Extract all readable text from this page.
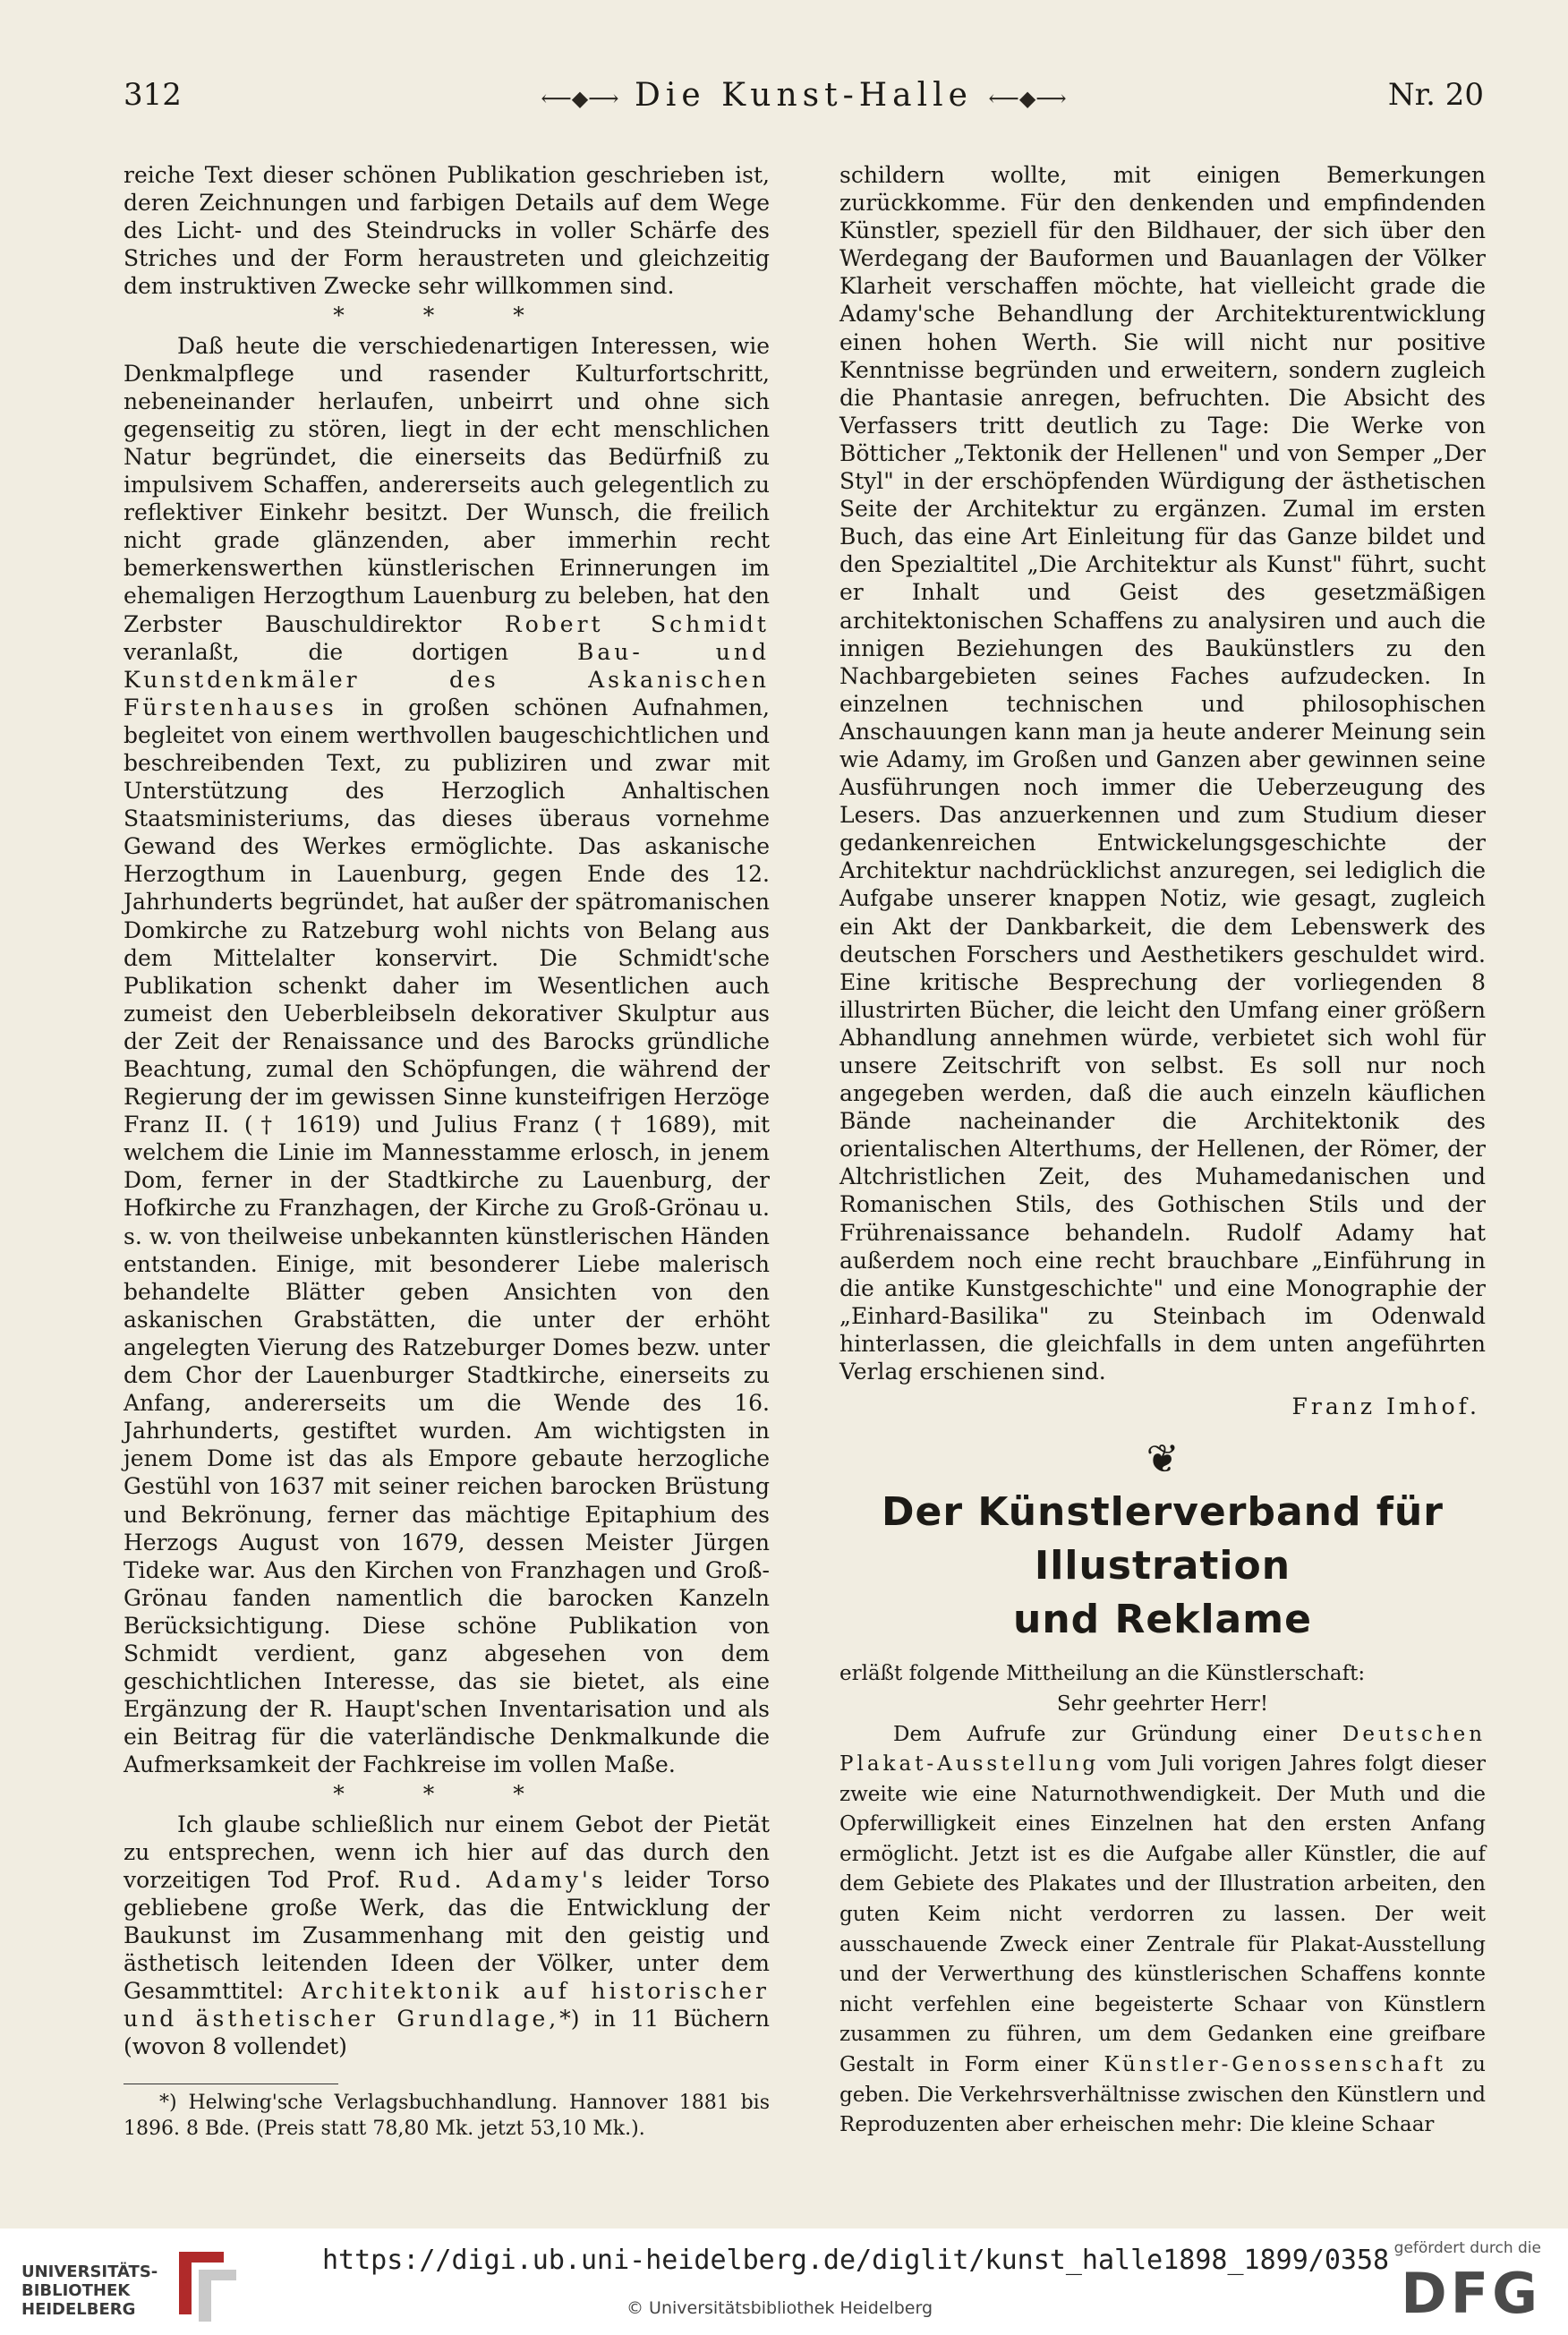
312	⟵◆⟶ Die Kunst-Halle ⟵◆⟶	Nr. 20

reiche Text dieser schönen Publikation geschrieben ist, deren Zeichnungen und farbigen Details auf dem Wege des Licht- und des Steindrucks in voller Schärfe des Striches und der Form heraustreten und gleichzeitig dem instruktiven Zwecke sehr willkommen sind.

* * *

Daß heute die verschiedenartigen Interessen, wie Denkmalpflege und rasender Kulturfortschritt, nebeneinander herlaufen, unbeirrt und ohne sich gegenseitig zu stören, liegt in der echt menschlichen Natur begründet, die einerseits das Bedürfniß zu impulsivem Schaffen, andererseits auch gelegentlich zu reflektiver Einkehr besitzt. Der Wunsch, die freilich nicht grade glänzenden, aber immerhin recht bemerkenswerthen künstlerischen Erinnerungen im ehemaligen Herzogthum Lauenburg zu beleben, hat den Zerbster Bauschuldirektor Robert Schmidt veranlaßt, die dortigen	Bau- und Kunstdenkmäler des Askanischen Fürstenhauses in großen schönen Aufnahmen, begleitet von einem werthvollen baugeschichtlichen und beschreibenden Text, zu publiziren und zwar mit Unterstützung des Herzoglich Anhaltischen Staatsministeriums, das dieses überaus vornehme Gewand des Werkes ermöglichte. Das askanische Herzogthum in Lauenburg, gegen Ende des 12. Jahrhunderts begründet, hat außer der spätromanischen Domkirche zu Ratzeburg wohl nichts von Belang aus dem Mittelalter konservirt. Die Schmidt'sche Publikation schenkt daher im Wesentlichen auch zumeist den Ueberbleibseln dekorativer Skulptur aus der Zeit der Renaissance und des Barocks gründliche Beachtung, zumal den Schöpfungen, die während der Regierung der im gewissen Sinne kunsteifrigen Herzöge Franz II. († 1619) und Julius Franz († 1689), mit welchem die Linie im Mannesstamme erlosch, in jenem Dom, ferner in der Stadtkirche zu Lauenburg, der Hofkirche zu Franzhagen, der Kirche zu Groß-Grönau u. s. w. von theilweise unbekannten künstlerischen Händen entstanden. Einige, mit besonderer Liebe malerisch behandelte Blätter geben Ansichten von den askanischen Grabstätten, die unter der erhöht angelegten Vierung des Ratzeburger Domes bezw. unter dem Chor der Lauenburger Stadtkirche, einerseits zu Anfang, andererseits um die Wende des 16. Jahrhunderts, gestiftet wurden. Am wichtigsten in jenem Dome ist das als Empore gebaute herzogliche Gestühl von 1637 mit seiner reichen barocken Brüstung und Bekrönung, ferner das mächtige Epitaphium des Herzogs August von 1679, dessen Meister Jürgen Tideke war. Aus den Kirchen von Franzhagen und Groß-Grönau fanden namentlich die barocken Kanzeln Berücksichtigung. Diese schöne Publikation von Schmidt verdient, ganz abgesehen von dem geschichtlichen Interesse, das sie bietet, als eine Ergänzung der R. Haupt'schen Inventarisation und als ein Beitrag für die vaterländische Denkmalkunde die Aufmerksamkeit der Fachkreise im vollen Maße.

* * *

Ich glaube schließlich nur einem Gebot der Pietät zu entsprechen, wenn ich hier auf das durch den vorzeitigen Tod Prof. Rud. Adamy's leider Torso gebliebene große Werk, das die Entwicklung der Baukunst im Zusammenhang mit den geistig und ästhetisch leitenden Ideen der Völker, unter dem Gesammttitel: Architektonik auf historischer und ästhetischer Grundlage,*) in 11 Büchern (wovon 8 vollendet)

*) Helwing'sche Verlagsbuchhandlung. Hannover 1881 bis 1896. 8 Bde. (Preis statt 78,80 Mk. jetzt 53,10 Mk.).

schildern wollte, mit einigen Bemerkungen zurückkomme. Für den denkenden und empfindenden Künstler, speziell für den Bildhauer, der sich über den Werdegang der Bauformen und Bauanlagen der Völker Klarheit verschaffen möchte, hat vielleicht grade die Adamy'sche Behandlung der Architekturentwicklung einen hohen Werth. Sie will nicht nur positive Kenntnisse begründen und erweitern, sondern zugleich die Phantasie anregen, befruchten. Die Absicht des Verfassers tritt deutlich zu Tage: Die Werke von Bötticher „Tektonik der Hellenen" und von Semper „Der Styl" in der erschöpfenden Würdigung der ästhetischen Seite der Architektur zu ergänzen. Zumal im ersten Buch, das eine Art Einleitung für das Ganze bildet und den Spezialtitel „Die Architektur als Kunst" führt, sucht er Inhalt und Geist des gesetzmäßigen architektonischen Schaffens zu analysiren und auch die innigen Beziehungen des Baukünstlers zu den Nachbargebieten seines Faches aufzudecken. In einzelnen technischen und philosophischen Anschauungen kann man ja heute anderer Meinung sein wie Adamy, im Großen und Ganzen aber gewinnen seine Ausführungen noch immer die Ueberzeugung des Lesers. Das anzuerkennen und zum Studium dieser gedankenreichen Entwickelungsgeschichte der Architektur nachdrücklichst anzuregen, sei lediglich die Aufgabe unserer knappen Notiz, wie gesagt, zugleich ein Akt der Dankbarkeit, die dem Lebenswerk des deutschen Forschers und Aesthetikers geschuldet wird. Eine kritische Besprechung der vorliegenden 8 illustrirten Bücher, die leicht den Umfang einer größern Abhandlung annehmen würde, verbietet sich wohl für unsere Zeitschrift von selbst. Es soll nur noch angegeben werden, daß die auch einzeln käuflichen Bände nacheinander die Architektonik des orientalischen Alterthums, der Hellenen, der Römer, der Altchristlichen Zeit, des Muhamedanischen und Romanischen Stils, des Gothischen Stils und der Frührenaissance behandeln. Rudolf Adamy hat außerdem noch eine recht brauchbare „Einführung in die antike Kunstgeschichte" und eine Monographie der „Einhard-Basilika" zu Steinbach im Odenwald hinterlassen, die gleichfalls in dem unten angeführten Verlag erschienen sind.

Franz Imhof.
❦
Der Künstlerverband für Illustration
und Reklame

erläßt folgende Mittheilung an die Künstlerschaft:

Sehr geehrter Herr!

Dem Aufrufe zur Gründung einer Deutschen Plakat-Ausstellung vom Juli vorigen Jahres folgt dieser zweite wie eine Naturnothwendigkeit. Der Muth und die Opferwilligkeit eines Einzelnen hat den ersten Anfang ermöglicht. Jetzt ist es die Aufgabe aller Künstler, die auf dem Gebiete des Plakates und der Illustration arbeiten, den guten Keim nicht verdorren zu lassen. Der weit ausschauende Zweck einer Zentrale für Plakat-Ausstellung und der Verwerthung des künstlerischen Schaffens konnte nicht verfehlen eine begeisterte Schaar von Künstlern zusammen zu führen, um dem Gedanken eine greifbare Gestalt in Form einer Künstler-Genossenschaft zu geben. Die Verkehrsverhältnisse zwischen den Künstlern und Reproduzenten aber erheischen mehr: Die kleine Schaar

UNIVERSITÄTS-
BIBLIOTHEK
HEIDELBERG
https://digi.ub.uni-heidelberg.de/diglit/kunst_halle1898_1899/0358
© Universitätsbibliothek Heidelberg
gefördert durch die
DFG
